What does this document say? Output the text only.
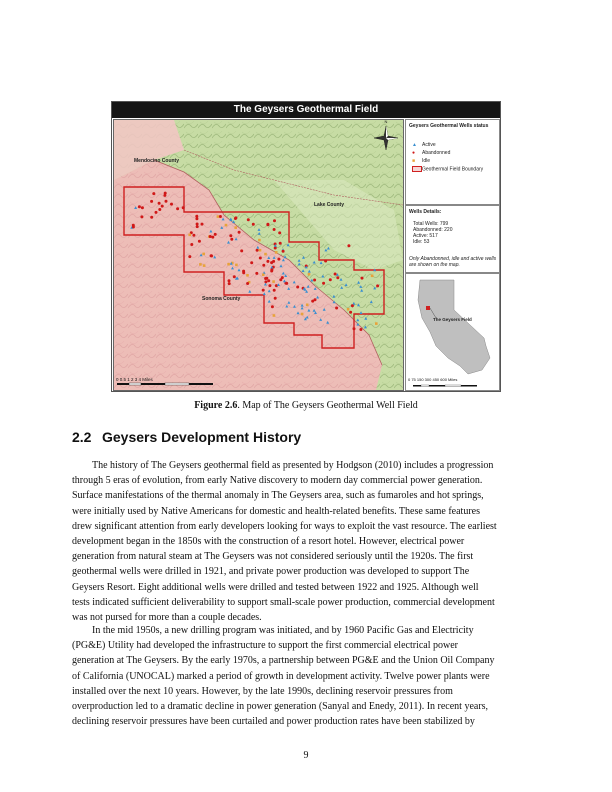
The Geysers Geothermal Field
N
Mendocino County
Lake County
Sonoma County
0 0.5 1 2 3 4 Miles
Geysers Geothermal Wells status
▲ Active
● Abandonned
■ Idle
Geothermal Field Boundary
Wells Details:
Total Wells: 799
Abandonned: 220
Active: 517
Idle: 53
Only Abandonned, idle and active wells are shown on the map.
The Geysers Field
0 75 150 300 450 600 Miles
Figure 2.6. Map of The Geysers Geothermal Well Field
2.2 Geysers Development History
The history of The Geysers geothermal field as presented by Hodgson (2010) includes a progression
through 5 eras of evolution, from early Native discovery to modern day commercial power generation.
Surface manifestations of the thermal anomaly in The Geysers area, such as fumaroles and hot springs,
were initially used by Native Americans for domestic and health-related benefits. These same features
drew significant attention from early developers looking for ways to exploit the vast resource. The earliest
development began in the 1850s with the construction of a resort hotel. However, electrical power
generation from natural steam at The Geysers was not considered seriously until the 1920s. The first
geothermal wells were drilled in 1921, and private power production was developed to support The
Geysers Resort. Eight additional wells were drilled and tested between 1922 and 1925. Although well
tests indicated sufficient deliverability to support small-scale power production, commercial development
was not pursed for more than a couple decades.
In the mid 1950s, a new drilling program was initiated, and by 1960 Pacific Gas and Electricity
(PG&E) Utility had developed the infrastructure to support the first commercial electrical power
generation at The Geysers. By the early 1970s, a partnership between PG&E and the Union Oil Company
of California (UNOCAL) marked a period of growth in development activity. Twelve power plants were
installed over the next 10 years. However, by the late 1990s, declining reservoir pressures from
overproduction led to a dramatic decline in power generation (Sanyal and Enedy, 2011). In recent years,
declining reservoir pressures have been curtailed and power production rates have been stabilized by
9
